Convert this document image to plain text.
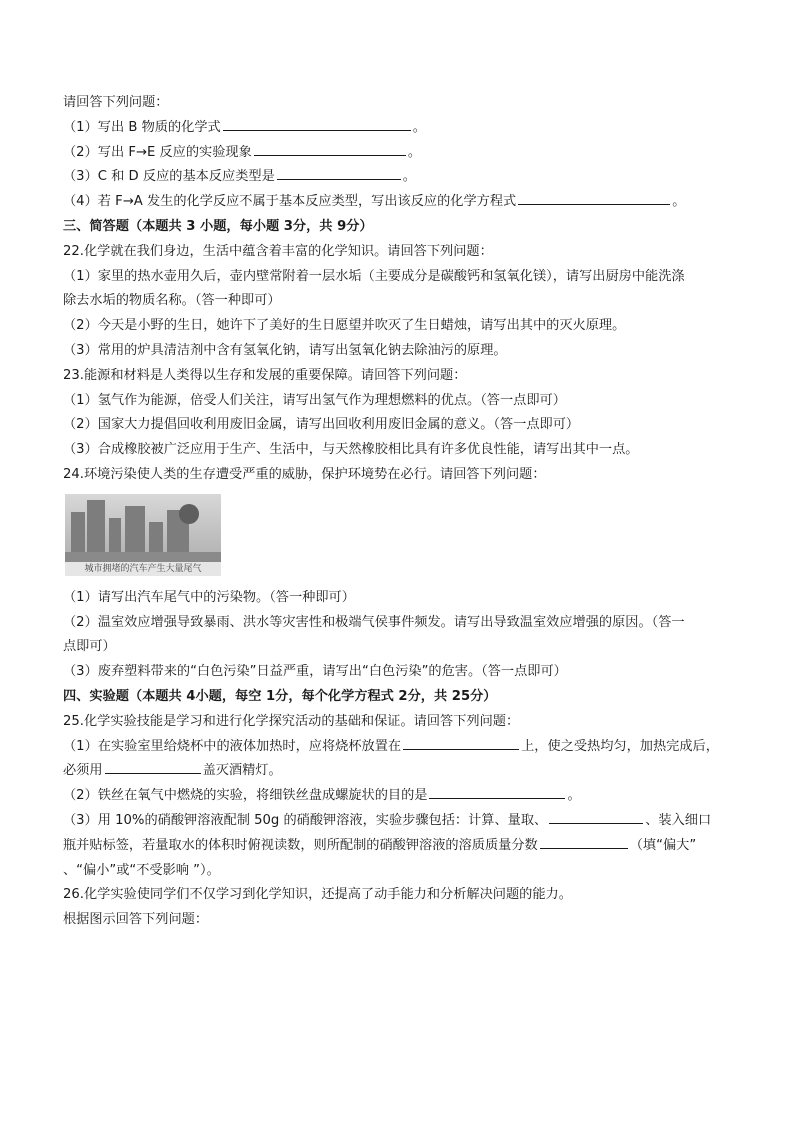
请回答下列问题：
（1）写出 B 物质的化学式	。
（2）写出 F→E 反应的实验现象	。
（3）C 和 D 反应的基本反应类型是	。
（4）若 F→A 发生的化学反应不属于基本反应类型，写出该反应的化学方程式	。
三、简答题（本题共 3 小题，每小题 3分，共 9分）
22.化学就在我们身边，生活中蕴含着丰富的化学知识。请回答下列问题：
（1）家里的热水壶用久后，壶内壁常附着一层水垢（主要成分是碳酸钙和氢氧化镁），请写出厨房中能洗涤
除去水垢的物质名称。（答一种即可）
（2）今天是小野的生日，她许下了美好的生日愿望并吹灭了生日蜡烛，请写出其中的灭火原理。
（3）常用的炉具清洁剂中含有氢氧化钠，请写出氢氧化钠去除油污的原理。
23.能源和材料是人类得以生存和发展的重要保障。请回答下列问题：
（1）氢气作为能源，倍受人们关注，请写出氢气作为理想燃料的优点。（答一点即可）
（2）国家大力提倡回收利用废旧金属，请写出回收利用废旧金属的意义。（答一点即可）
（3）合成橡胶被广泛应用于生产、生活中，与天然橡胶相比具有许多优良性能，请写出其中一点。
24.环境污染使人类的生存遭受严重的威胁，保护环境势在必行。请回答下列问题：
城市拥堵的汽车产生大量尾气
（1）请写出汽车尾气中的污染物。（答一种即可）
（2）温室效应增强导致暴雨、洪水等灾害性和极端气侯事件频发。请写出导致温室效应增强的原因。（答一
点即可）
（3）废弃塑料带来的“白色污染”日益严重，请写出“白色污染”的危害。（答一点即可）
四、实验题（本题共 4小题，每空 1分，每个化学方程式 2分，共 25分）
25.化学实验技能是学习和进行化学探究活动的基础和保证。请回答下列问题：
（1）在实验室里给烧杯中的液体加热时，应将烧杯放置在	上，使之受热均匀，加热完成后，
必须用	盖灭酒精灯。
（2）铁丝在氧气中燃烧的实验，将细铁丝盘成螺旋状的目的是	。
（3）用 10%的硝酸钾溶液配制 50g 的硝酸钾溶液，实验步骤包括：计算、量取、	、装入细口
瓶并贴标签，若量取水的体积时俯视读数，则所配制的硝酸钾溶液的溶质质量分数	（填“偏大”
、“偏小”或“不受影响 ”）。
26.化学实验使同学们不仅学习到化学知识，还提高了动手能力和分析解决问题的能力。
根据图示回答下列问题：
